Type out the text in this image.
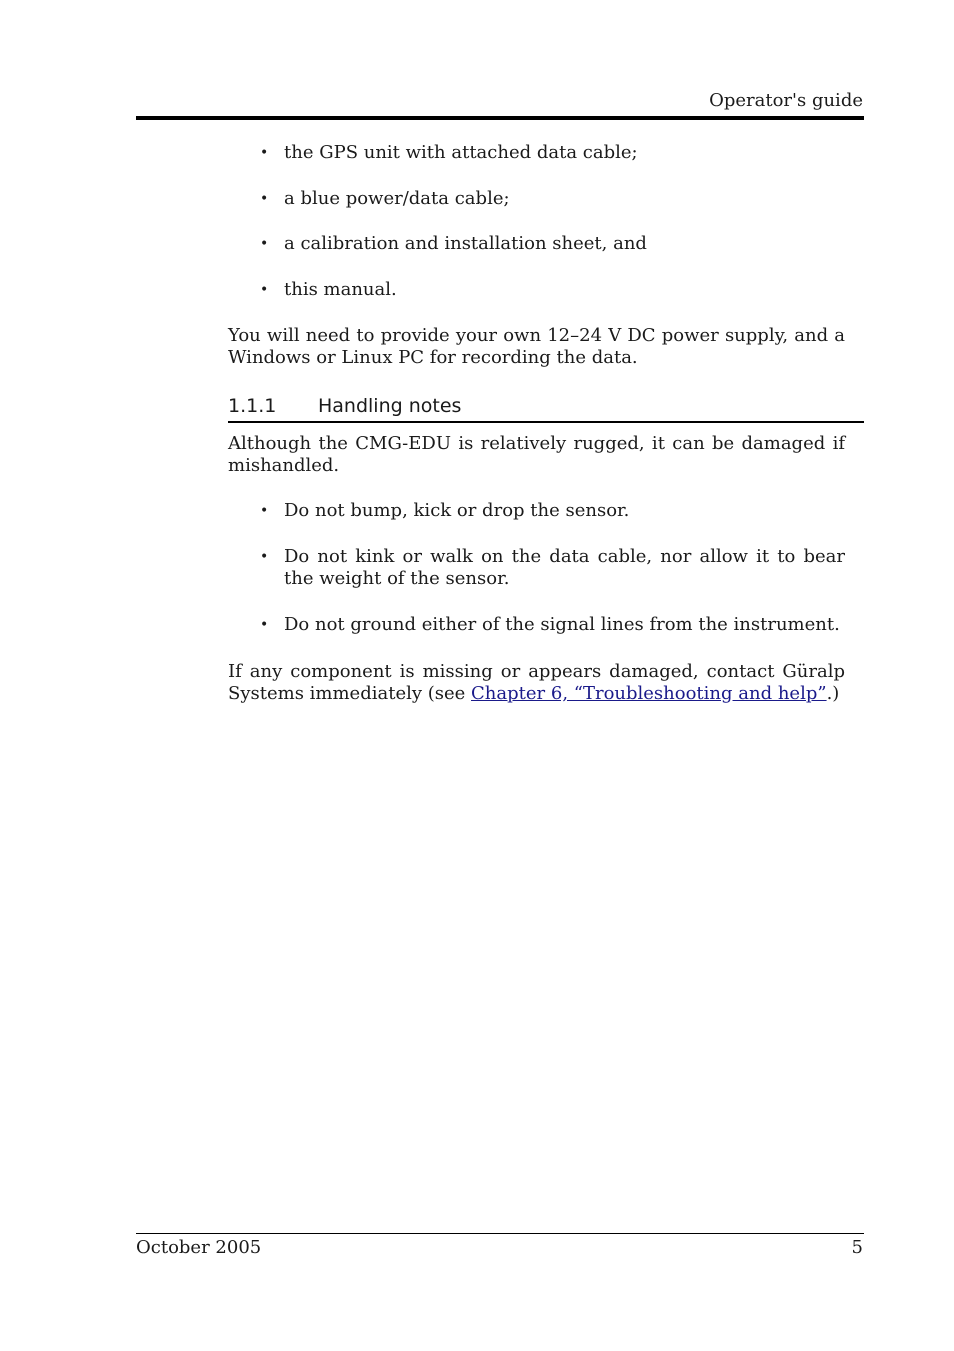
Operator's guide
• the GPS unit with attached data cable;
• a blue power/data cable;
• a calibration and installation sheet, and
• this manual.

You will need to provide your own 12–24 V DC power supply, and a Windows or Linux PC for recording the data.

1.1.1 Handling notes

Although the CMG-EDU is relatively rugged, it can be damaged if mishandled.

• Do not bump, kick or drop the sensor.
• Do not kink or walk on the data cable, nor allow it to bear the weight of the sensor.
• Do not ground either of the signal lines from the instrument.

If any component is missing or appears damaged, contact Güralp Systems immediately (see Chapter 6, “Troubleshooting and help”.)

October 2005	5
